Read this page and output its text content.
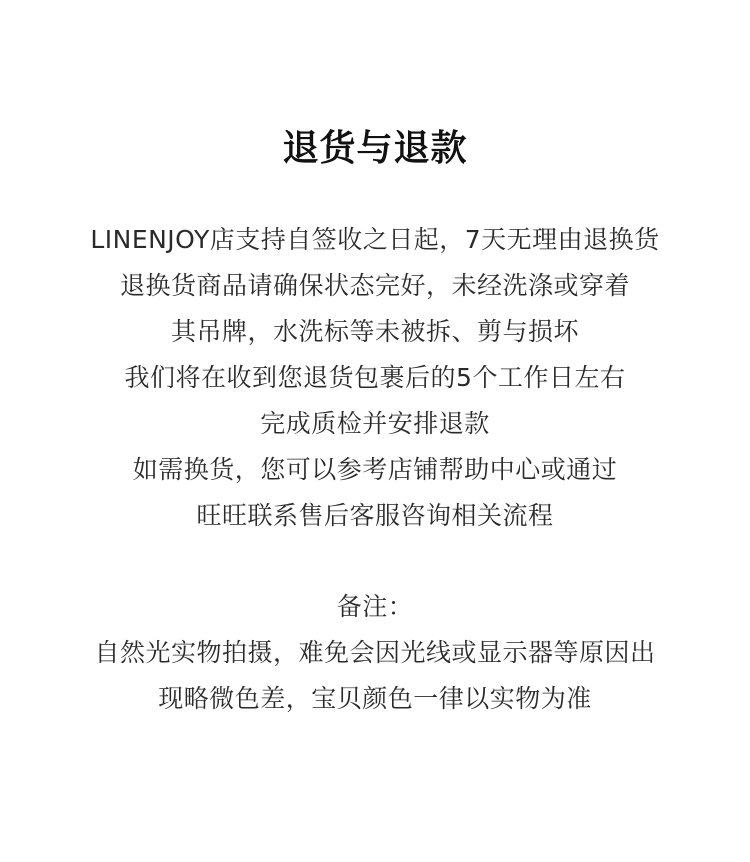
退货与退款
LINENJOY店支持自签收之日起，7天无理由退换货
退换货商品请确保状态完好，未经洗涤或穿着
其吊牌，水洗标等未被拆、剪与损坏
我们将在收到您退货包裹后的5个工作日左右
完成质检并安排退款
如需换货，您可以参考店铺帮助中心或通过
旺旺联系售后客服咨询相关流程
备注：
自然光实物拍摄，难免会因光线或显示器等原因出
现略微色差，宝贝颜色一律以实物为准
